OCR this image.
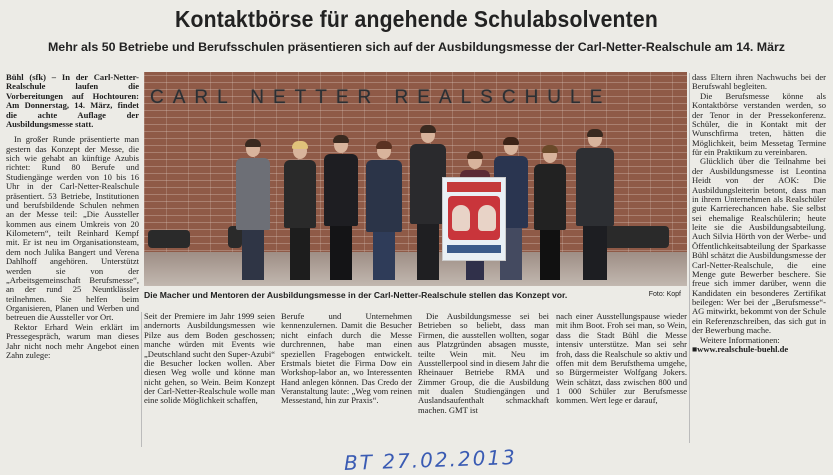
Kontaktbörse für angehende Schulabsolventen
Mehr als 50 Betriebe und Berufsschulen präsentieren sich auf der Ausbildungsmesse der Carl-Netter-Realschule am 14. März

Bühl (sfk) – In der Carl-Netter-Realschule laufen die Vorbereitungen auf Hochtouren: Am Donnerstag, 14. März, findet die achte Auflage der Ausbildungsmesse statt.

In großer Runde präsentierte man gestern das Konzept der Messe, die sich wie gehabt an künftige Azubis richtet: Rund 80 Berufe und Studiengänge werden von 10 bis 16 Uhr in der Carl-Netter-Realschule präsentiert. 53 Betriebe, Institutionen und berufsbildende Schulen nehmen an der Messe teil: „Die Aussteller kommen aus einem Umkreis von 20 Kilometern“, teilt Reinhard Kempf mit. Er ist neu im Organisationsteam, dem noch Julika Bangert und Verena Dahlhoff angehören. Unterstützt werden sie von der „Arbeitsgemeinschaft Berufsmesse“, an der rund 25 Neuntklässler teilnehmen. Sie helfen beim Organisieren, Planen und Werben und betreuen die Aussteller vor Ort.

Rektor Erhard Wein erklärt im Pressegespräch, warum man dieses Jahr nicht noch mehr Angebot einen Zahn zulege:

CARL NETTER REALSCHULE
Die Macher und Mentoren der Ausbildungsmesse in der Carl-Netter-Realschule stellen das Konzept vor.	Foto: Kopf

Seit der Premiere im Jahr 1999 seien andernorts Ausbildungsmessen wie Pilze aus dem Boden geschossen; manche würden mit Events wie „Deutschland sucht den Super-Azubi“ die Besucher locken wollen. Aber diesen Weg wolle und könne man nicht gehen, so Wein. Beim Konzept der Carl-Netter-Realschule wolle man eine solide Möglichkeit schaffen,

Berufe und Unternehmen kennenzulernen. Damit die Besucher nicht einfach durch die Messe durchrennen, habe man einen speziellen Fragebogen entwickelt. Erstmals bietet die Firma Dow ein Workshop-labor an, wo Interessenten Hand anlegen können. Das Credo der Veranstaltung laute: „Weg vom reinen Messestand, hin zur Praxis“.

Die Ausbildungsmesse sei bei Betrieben so beliebt, dass man Firmen, die ausstellen wollten, sogar aus Platzgründen absagen musste, teilte Wein mit. Neu im Ausstellerpool sind in diesem Jahr die Rheinauer Betriebe RMA und Zimmer Group, die die Ausbildung mit dualen Studiengängen und Auslandsaufenthalt schmackhaft machen. GMT ist

nach einer Ausstellungspause wieder mit ihm Boot. Froh sei man, so Wein, dass die Stadt Bühl die Messe intensiv unterstütze. Man sei sehr froh, dass die Realschule so aktiv und offen mit dem Berufsthema umgehe, so Bürgermeister Wolfgang Jokers. Wein schätzt, dass zwischen 800 und 1 000 Schüler zur Berufsmesse kommen. Wert lege er darauf,

dass Eltern ihren Nachwuchs bei der Berufswahl begleiten.

Die Berufsmesse könne als Kontaktbörse verstanden werden, so der Tenor in der Pressekonferenz. Schüler, die in Kontakt mit der Wunschfirma treten, hätten die Möglichkeit, beim Messetag Termine für ein Praktikum zu vereinbaren.

Glücklich über die Teilnahme bei der Ausbildungsmesse ist Leontina Heidt von der AOK: Die Ausbildungsleiterin betont, dass man in ihrem Unternehmen als Realschüler gute Karrierechancen habe. Sie selbst sei ehemalige Realschülerin; heute leite sie die Ausbildungsabteilung. Auch Silvia Hörth von der Werbe- und Öffentlichkeitsabteilung der Sparkasse Bühl schätzt die Ausbildungsmesse der Carl-Netter-Realschule, die eine Menge gute Bewerber beschere. Sie freue sich immer darüber, wenn die Kandidaten ein besonderes Zertifikat beilegen: Wer bei der „Berufsmesse“-AG mitwirkt, bekommt von der Schule ein Referenzschreiben, das sich gut in der Bewerbung mache.

Weitere Informationen:

■www.realschule-buehl.de

BT 27.02.2013
